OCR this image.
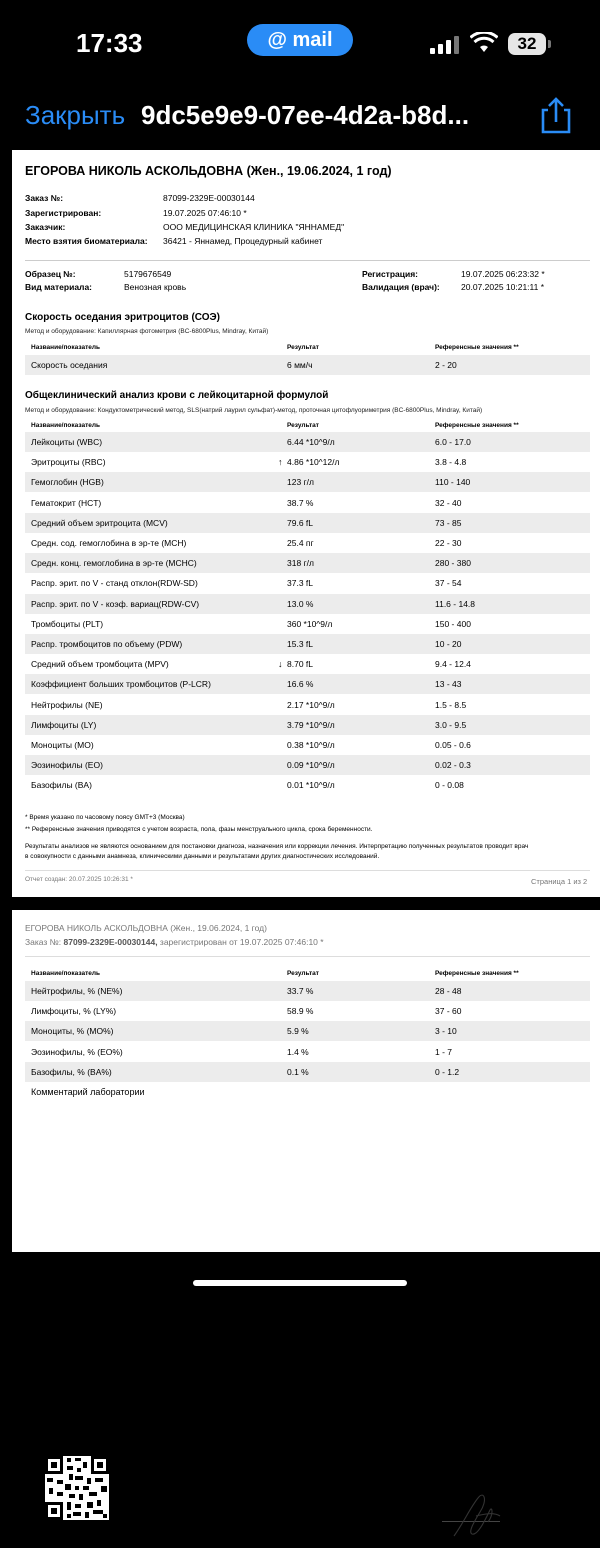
17:33	@ mail	32
Закрыть 9dc5e9e9-07ee-4d2a-b8d...
ЕГОРОВА НИКОЛЬ АСКОЛЬДОВНА (Жен., 19.06.2024, 1 год)
Заказ №:	87099-2329E-00030144
Зарегистрирован:	19.07.2025 07:46:10 *
Заказчик:	ООО МЕДИЦИНСКАЯ КЛИНИКА "ЯННАМЕД"
Место взятия биоматериала: 36421 - Яннамед, Процедурный кабинет
Образец №:	5179676549
Вид материала:	Венозная кровь
Регистрация:	19.07.2025 06:23:32 *
Валидация (врач):	20.07.2025 10:21:11 *
Скорость оседания эритроцитов (СОЭ)
Метод и оборудование: Капиллярная фотометрия (BC-6800Plus, Mindray, Китай)
Название/показатель	Результат	Референсные значения **
Скорость оседания	6 мм/ч	2 - 20
Общеклинический анализ крови с лейкоцитарной формулой
Метод и оборудование: Кондуктометрический метод, SLS(натрий лаурил сульфат)-метод, проточная цитофлуориметрия (BC-6800Plus, Mindray, Китай)
Название/показатель	Результат	Референсные значения **
Лейкоциты (WBC)	6.44 *10^9/л	6.0 - 17.0
Эритроциты (RBC)	↑ 4.86 *10^12/л	3.8 - 4.8
Гемоглобин (HGB)	123 г/л	110 - 140
Гематокрит (HCT)	38.7 %	32 - 40
Средний объем эритроцита (MCV)	79.6 fL	73 - 85
Средн. сод. гемоглобина в эр-те (MCH)	25.4 пг	22 - 30
Средн. конц. гемоглобина в эр-те (MCHC)	318 г/л	280 - 380
Распр. эрит. по V - станд отклон(RDW-SD)	37.3 fL	37 - 54
Распр. эрит. по V - коэф. вариац(RDW-CV)	13.0 %	11.6 - 14.8
Тромбоциты (PLT)	360 *10^9/л	150 - 400
Распр. тромбоцитов по объему (PDW)	15.3 fL	10 - 20
Средний объем тромбоцита (MPV)	↓ 8.70 fL	9.4 - 12.4
Коэффициент больших тромбоцитов (P-LCR)	16.6 %	13 - 43
Нейтрофилы (NE)	2.17 *10^9/л	1.5 - 8.5
Лимфоциты (LY)	3.79 *10^9/л	3.0 - 9.5
Моноциты (MO)	0.38 *10^9/л	0.05 - 0.6
Эозинофилы (EO)	0.09 *10^9/л	0.02 - 0.3
Базофилы (BA)	0.01 *10^9/л	0 - 0.08
* Время указано по часовому поясу GMT+3 (Москва)
** Референсные значения приводятся с учетом возраста, пола, фазы менструального цикла, срока беременности.
Результаты анализов не являются основанием для постановки диагноза, назначения или коррекции лечения. Интерпретацию полученных результатов проводит врач
в совокупности с данными анамнеза, клиническими данными и результатами других диагностических исследований.
Отчет создан: 20.07.2025 10:26:31 *	Страница 1 из 2
ЕГОРОВА НИКОЛЬ АСКОЛЬДОВНА (Жен., 19.06.2024, 1 год)
Заказ №: 87099-2329E-00030144, зарегистрирован от 19.07.2025 07:46:10 *
Название/показатель	Результат	Референсные значения **
Нейтрофилы, % (NE%)	33.7 %	28 - 48
Лимфоциты, % (LY%)	58.9 %	37 - 60
Моноциты, % (MO%)	5.9 %	3 - 10
Эозинофилы, % (EO%)	1.4 %	1 - 7
Базофилы, % (BA%)	0.1 %	0 - 1.2
Комментарий лаборатории
Подтверждение
Руководитель лабораторного комплекса	А.Д. Манакова
Лицензия № Л041-01125-54/01424365 от 07.10.2024 г.
подлинности результата
